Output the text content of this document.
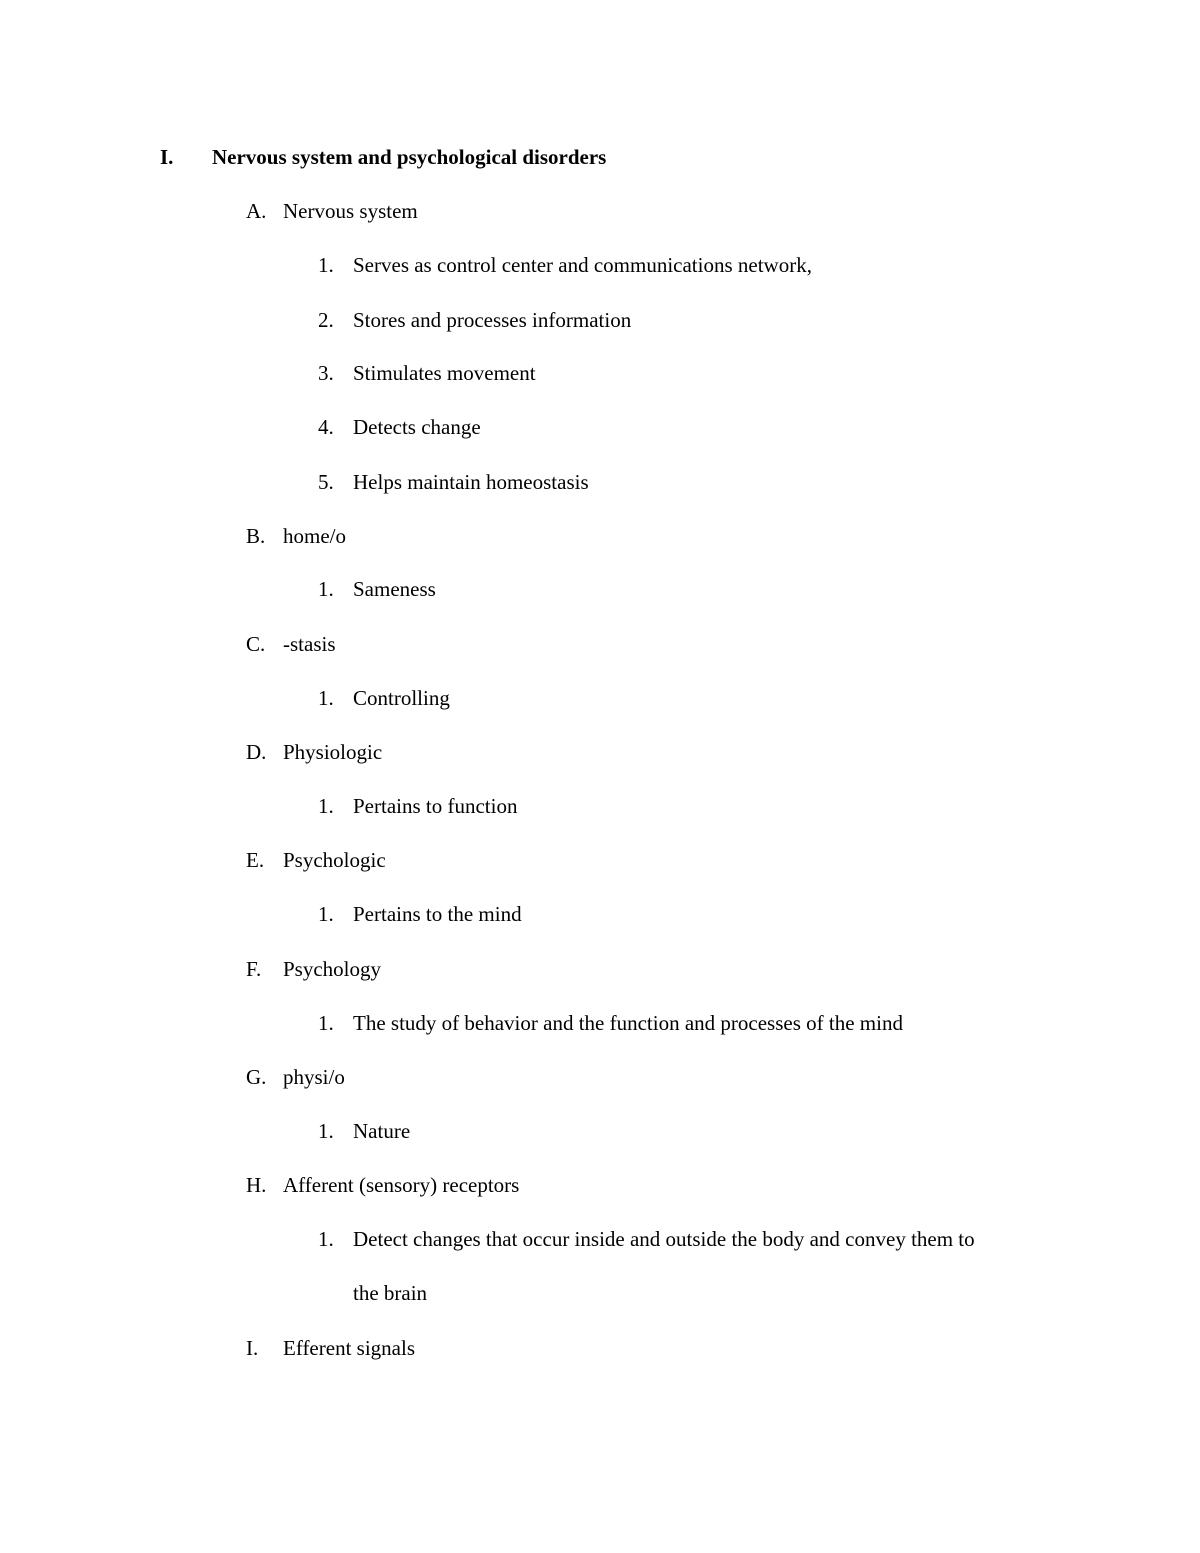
I. Nervous system and psychological disorders
A. Nervous system
1. Serves as control center and communications network,
2. Stores and processes information
3. Stimulates movement
4. Detects change
5. Helps maintain homeostasis
B. home/o
1. Sameness
C. -stasis
1. Controlling
D. Physiologic
1. Pertains to function
E. Psychologic
1. Pertains to the mind
F. Psychology
1. The study of behavior and the function and processes of the mind
G. physi/o
1. Nature
H. Afferent (sensory) receptors
1. Detect changes that occur inside and outside the body and convey them to
the brain
I. Efferent signals
